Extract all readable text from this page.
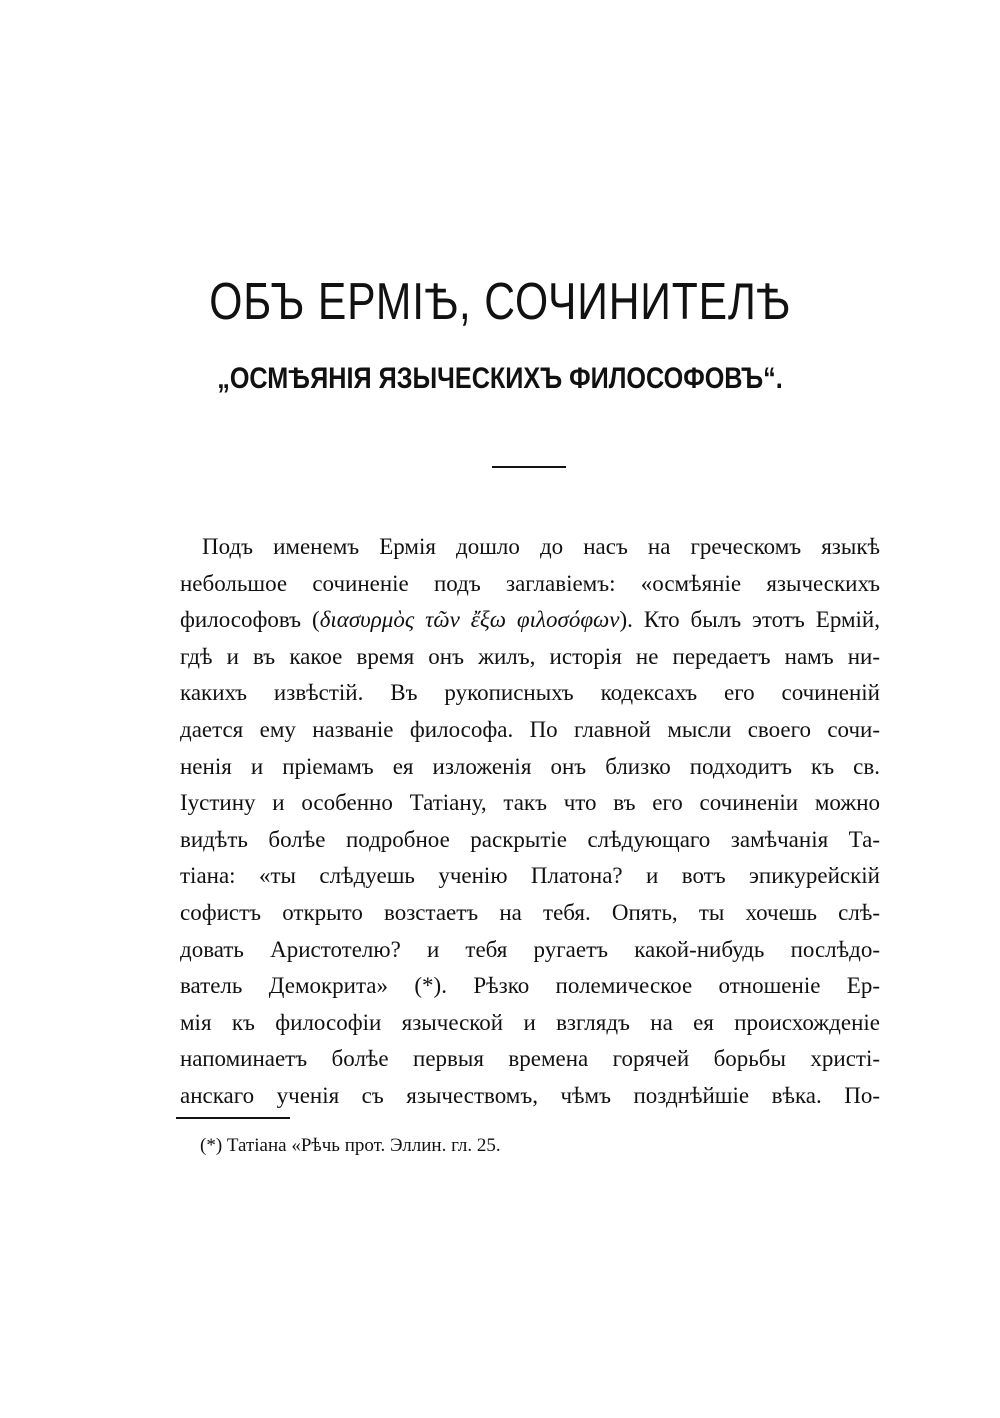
ОБЪ ЕРМІѢ, СОЧИНИТЕЛѢ
„ОСМѢЯНІЯ ЯЗЫЧЕСКИХЪ ФИЛОСОФОВЪ“.
Подъ именемъ Ермія дошло до насъ на греческомъ языкѣ
небольшое сочиненіе подъ заглавіемъ: «осмѣяніе языческихъ
философовъ (διασυρμὸς τῶν ἔξω φιλοσόφων). Кто былъ этотъ Ермій,
гдѣ и въ какое время онъ жилъ, исторія не передаетъ намъ ни-
какихъ извѣстій. Въ рукописныхъ кодексахъ его сочиненій
дается ему названіе философа. По главной мысли своего сочи-
ненія и пріемамъ ея изложенія онъ близко подходитъ къ св.
Іустину и особенно Татіану, такъ что въ его сочиненіи можно
видѣть болѣе подробное раскрытіе слѣдующаго замѣчанія Та-
тіана: «ты слѣдуешь ученію Платона? и вотъ эпикурейскій
софистъ открыто возстаетъ на тебя. Опять, ты хочешь слѣ-
довать Аристотелю? и тебя ругаетъ какой-нибудь послѣдо-
ватель Демокрита» (*). Рѣзко полемическое отношеніе Ер-
мія къ философіи языческой и взглядъ на ея происхожденіе
напоминаетъ болѣе первыя времена горячей борьбы христі-
анскаго ученія съ язычествомъ, чѣмъ позднѣйшіе вѣка. По-
(*) Татіана «Рѣчь прот. Эллин. гл. 25.
